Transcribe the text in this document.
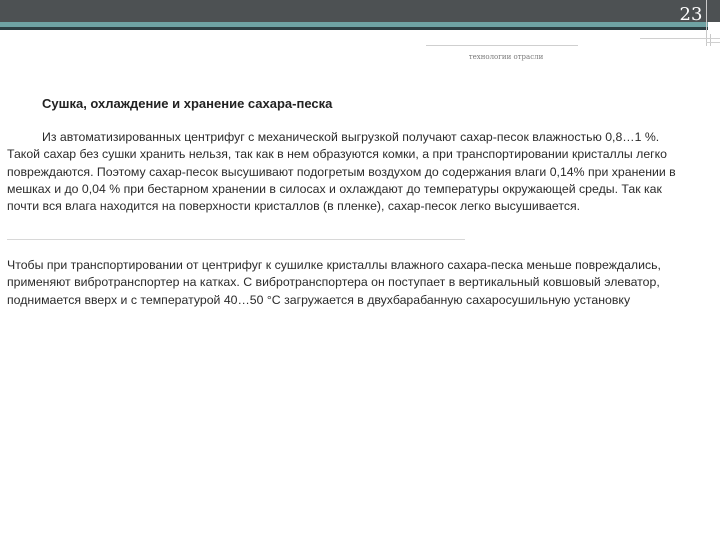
23
технологии отрасли
Сушка, охлаждение и хранение сахара-песка

Из автоматизированных центрифуг с механической выгрузкой получают сахар-песок влажностью 0,8…1 %. Такой сахар без сушки хранить нельзя, так как в нем образуются комки, а при транспортировании кристаллы легко повреждаются. Поэтому сахар-песок высушивают подогретым воздухом до содержания влаги 0,14% при хранении в мешках и до 0,04 % при бестарном хранении в силосах и охлаждают до температуры окружающей среды. Так как почти вся влага находится на поверхности кристаллов (в пленке), сахар-песок легко высушивается.

Чтобы при транспортировании от центрифуг к сушилке кристаллы влажного сахара-песка меньше повреждались, применяют вибротранспортер на катках. С вибротранспортера он поступает в вертикальный ковшовый элеватор, поднимается вверх и с температурой 40…50 °С загружается в двухбарабанную сахаросушильную установку
